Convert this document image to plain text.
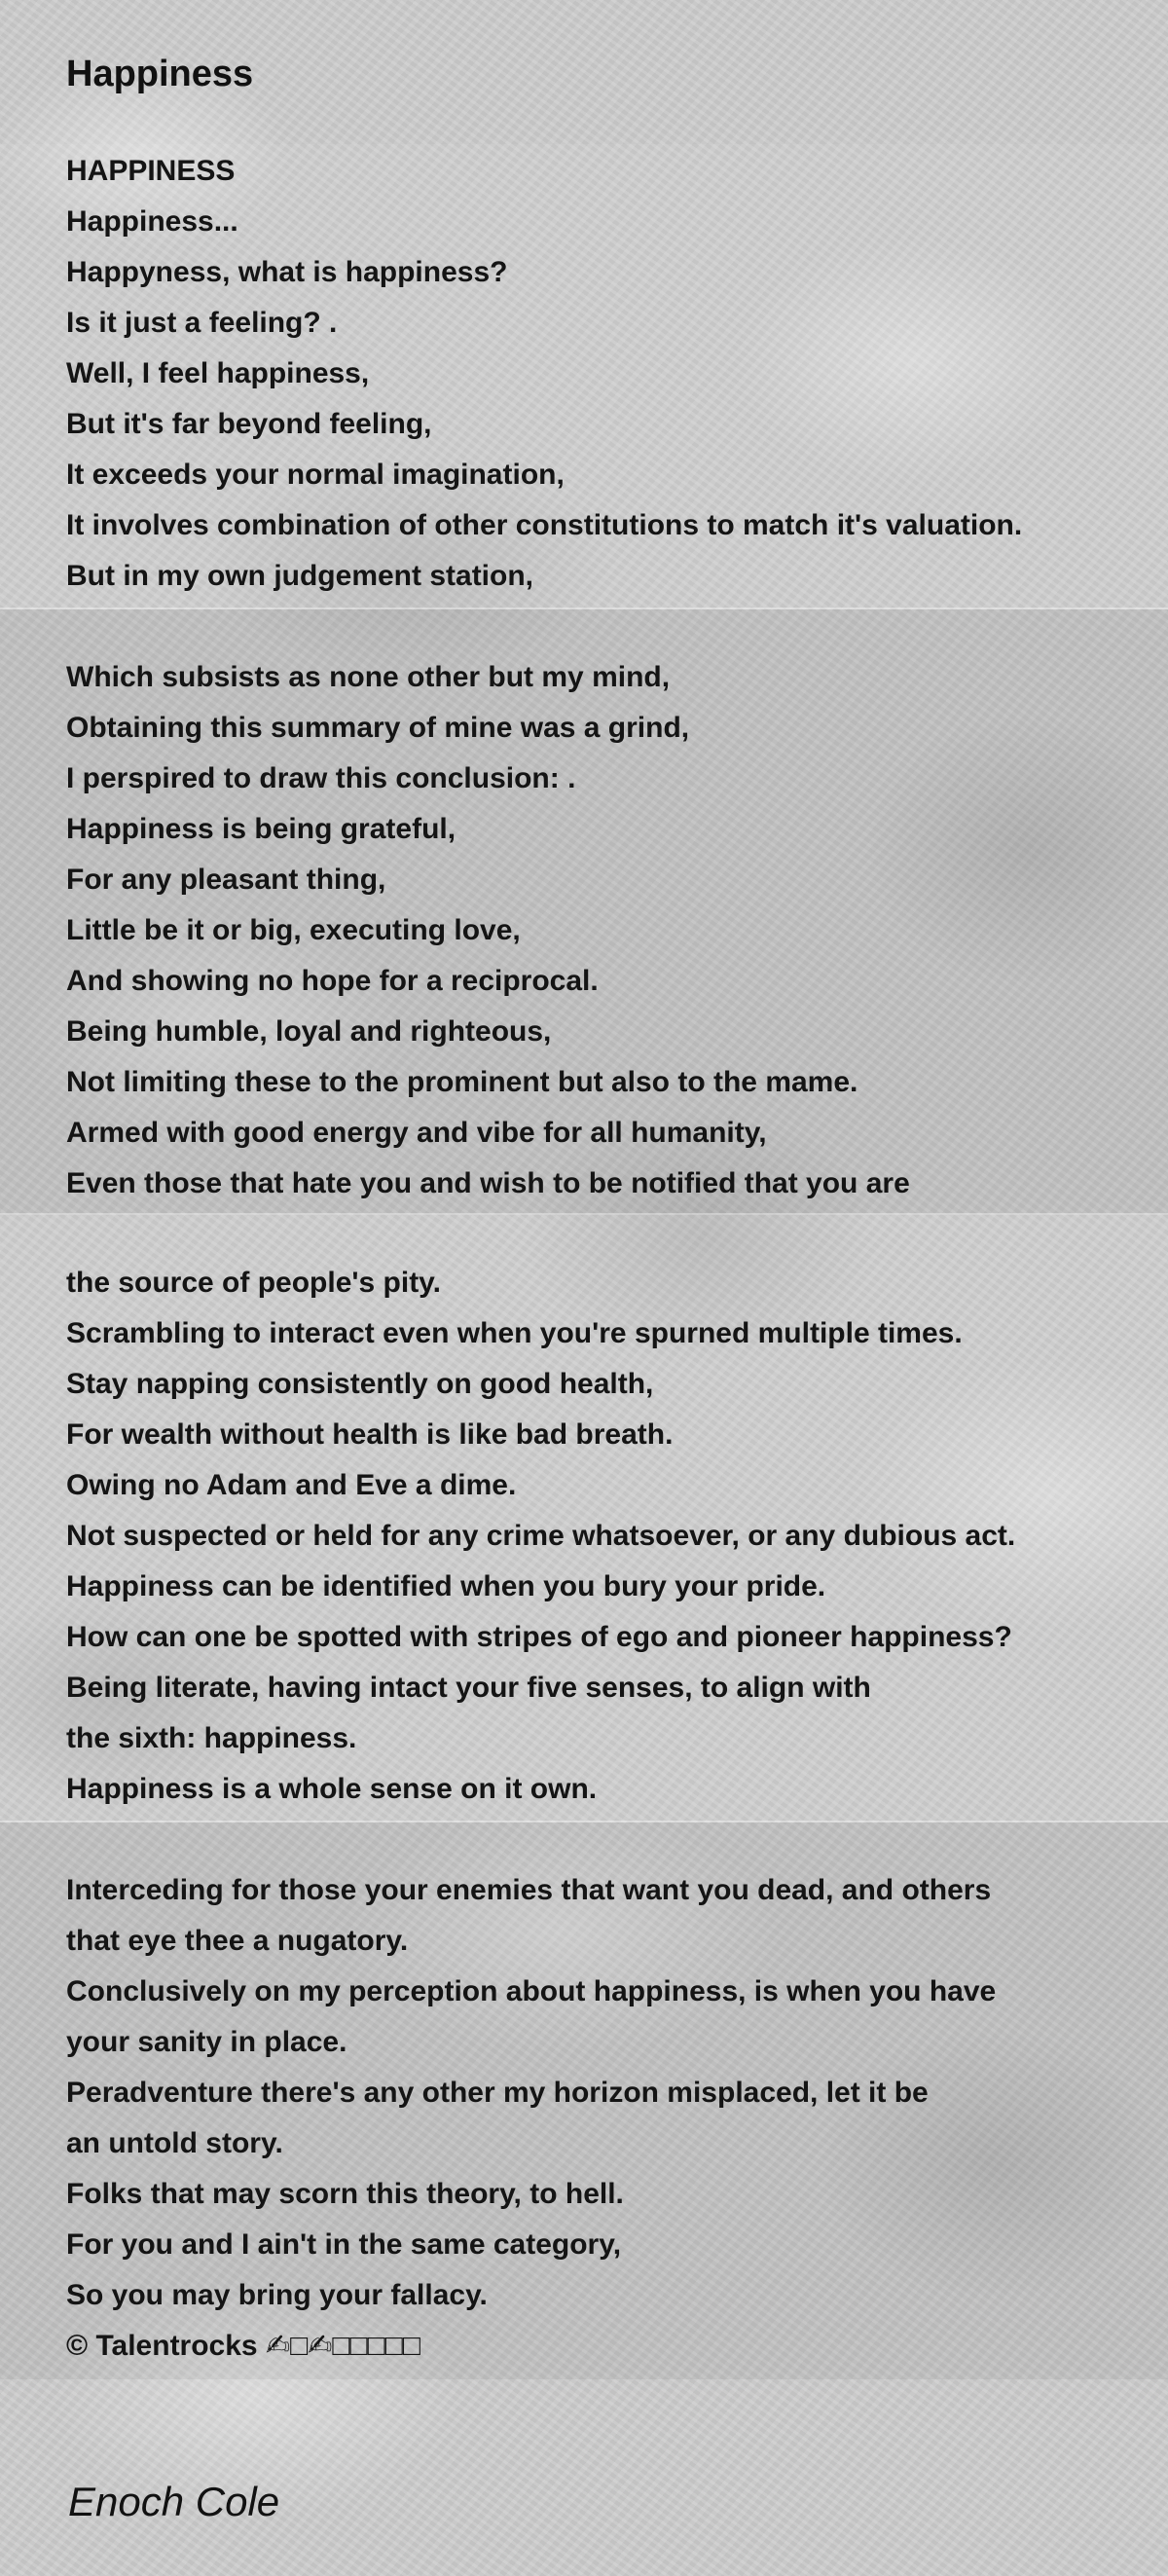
Happiness
HAPPINESS
Happiness...
Happyness, what is happiness?
Is it just a feeling? .
Well, I feel happiness,
But it's far beyond feeling,
It exceeds your normal imagination,
It involves combination of other constitutions to match it's valuation.
But in my own judgement station,
Which subsists as none other but my mind,
Obtaining this summary of mine was a grind,
I perspired to draw this conclusion: .
Happiness is being grateful,
For any pleasant thing,
Little be it or big, executing love,
And showing no hope for a reciprocal.
Being humble, loyal and righteous,
Not limiting these to the prominent but also to the mame.
Armed with good energy and vibe for all humanity,
Even those that hate you and wish to be notified that you are
the source of people's pity.
Scrambling to interact even when you're spurned multiple times.
Stay napping consistently on good health,
For wealth without health is like bad breath.
Owing no Adam and Eve a dime.
Not suspected or held for any crime whatsoever, or any dubious act.
Happiness can be identified when you bury your pride.
How can one be spotted with stripes of ego and pioneer happiness?
Being literate, having intact your five senses, to align with
the sixth: happiness.
Happiness is a whole sense on it own.
Interceding for those your enemies that want you dead, and others
that eye thee a nugatory.
Conclusively on my perception about happiness, is when you have
your sanity in place.
Peradventure there's any other my horizon misplaced, let it be
an untold story.
Folks that may scorn this theory, to hell.
For you and I ain't in the same category,
So you may bring your fallacy.
© Talentrocks ✍︎□✍︎□□□□□
Enoch Cole
